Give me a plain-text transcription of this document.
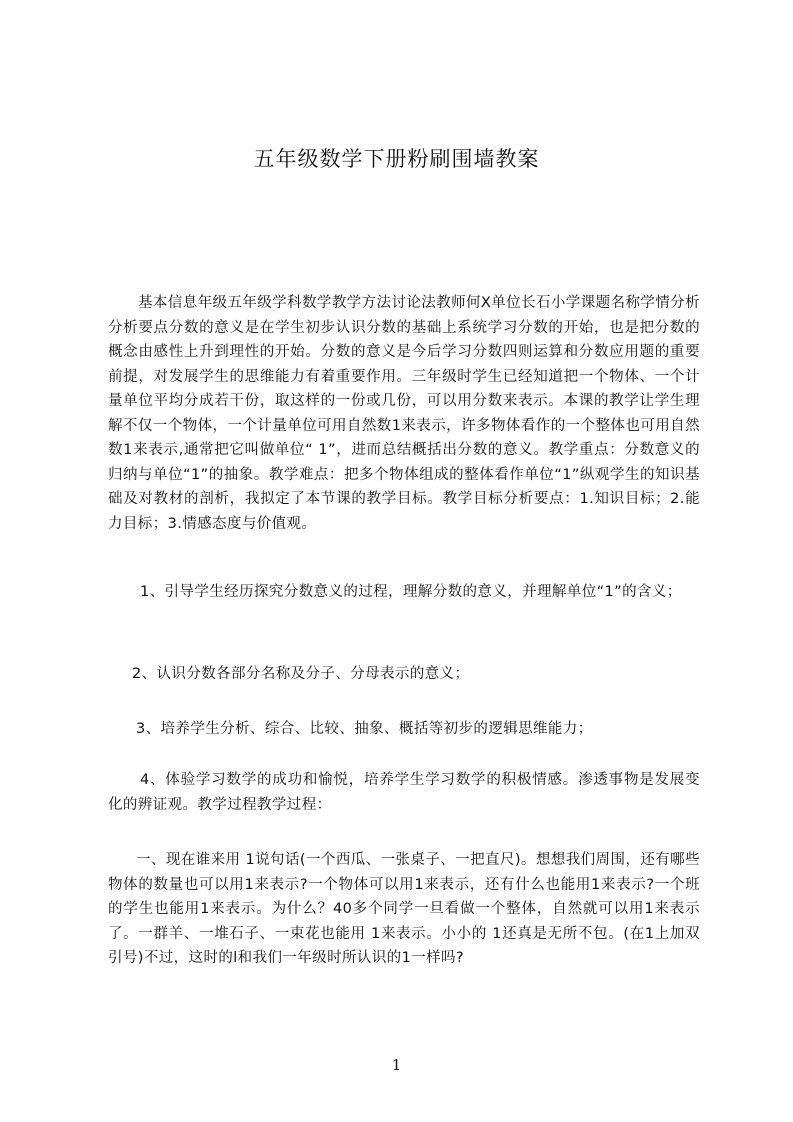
五年级数学下册粉刷围墙教案

基本信息年级五年级学科数学教学方法讨论法教师何X单位长石小学课题名称学情分析分析要点分数的意义是在学生初步认识分数的基础上系统学习分数的开始，也是把分数的概念由感性上升到理性的开始。分数的意义是今后学习分数四则运算和分数应用题的重要前提，对发展学生的思维能力有着重要作用。三年级时学生已经知道把一个物体、一个计量单位平均分成若干份，取这样的一份或几份，可以用分数来表示。本课的教学让学生理解不仅一个物体，一个计量单位可用自然数1来表示，许多物体看作的一个整体也可用自然数1来表示,通常把它叫做单位“ 1”，进而总结概括出分数的意义。教学重点：分数意义的归纳与单位“1”的抽象。教学难点：把多个物体组成的整体看作单位“1”纵观学生的知识基础及对教材的剖析，我拟定了本节课的教学目标。教学目标分析要点：1.知识目标；2.能力目标；3.情感态度与价值观。

1、引导学生经历探究分数意义的过程，理解分数的意义，并理解单位“1”的含义；

2、认识分数各部分名称及分子、分母表示的意义；

3、培养学生分析、综合、比较、抽象、概括等初步的逻辑思维能力；

4、体验学习数学的成功和愉悦，培养学生学习数学的积极情感。渗透事物是发展变化的辨证观。教学过程教学过程：

一、现在谁来用 1说句话(一个西瓜、一张桌子、一把直尺)。想想我们周围，还有哪些物体的数量也可以用1来表示?一个物体可以用1来表示，还有什么也能用1来表示?一个班的学生也能用1来表示。为什么？40多个同学一旦看做一个整体，自然就可以用1来表示了。一群羊、一堆石子、一束花也能用 1来表示。小小的 1还真是无所不包。(在1上加双引号)不过，这时的l和我们一年级时所认识的1一样吗?

1
